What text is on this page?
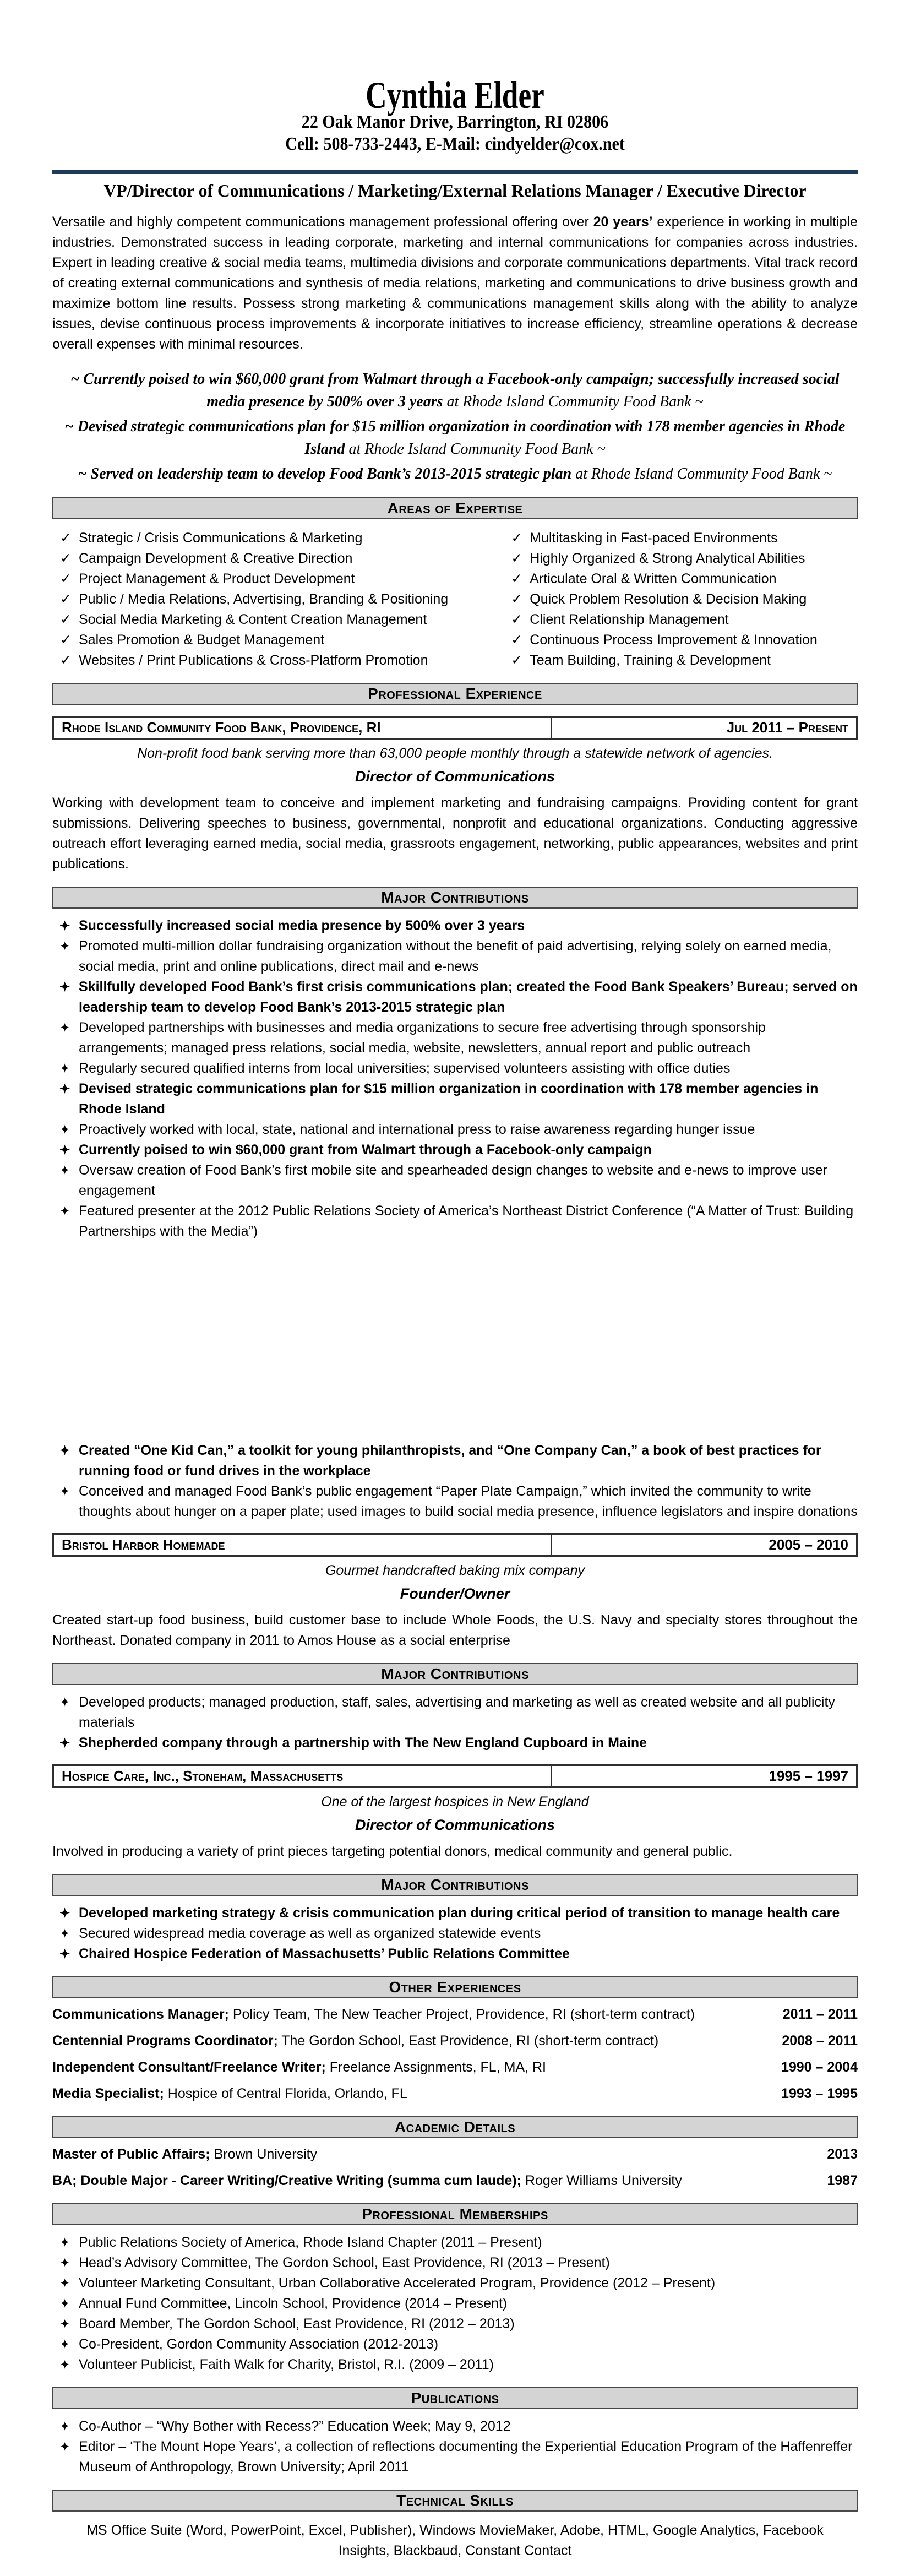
Cynthia Elder
22 Oak Manor Drive, Barrington, RI 02806
Cell: 508-733-2443, E-Mail: cindyelder@cox.net
VP/Director of Communications / Marketing/External Relations Manager / Executive Director
Versatile and highly competent communications management professional offering over 20 years’ experience in working in multiple industries. Demonstrated success in leading corporate, marketing and internal communications for companies across industries. Expert in leading creative & social media teams, multimedia divisions and corporate communications departments. Vital track record of creating external communications and synthesis of media relations, marketing and communications to drive business growth and maximize bottom line results. Possess strong marketing & communications management skills along with the ability to analyze issues, devise continuous process improvements & incorporate initiatives to increase efficiency, streamline operations & decrease overall expenses with minimal resources.
~ Currently poised to win $60,000 grant from Walmart through a Facebook-only campaign; successfully increased social media presence by 500% over 3 years at Rhode Island Community Food Bank ~
~ Devised strategic communications plan for $15 million organization in coordination with 178 member agencies in Rhode Island at Rhode Island Community Food Bank ~
~ Served on leadership team to develop Food Bank’s 2013-2015 strategic plan at Rhode Island Community Food Bank ~
Areas of Expertise
✓ Strategic / Crisis Communications & Marketing	✓ Multitasking in Fast-paced Environments
✓ Campaign Development & Creative Direction	✓ Highly Organized & Strong Analytical Abilities
✓ Project Management & Product Development	✓ Articulate Oral & Written Communication
✓ Public / Media Relations, Advertising, Branding & Positioning	✓ Quick Problem Resolution & Decision Making
✓ Social Media Marketing & Content Creation Management	✓ Client Relationship Management
✓ Sales Promotion & Budget Management	✓ Continuous Process Improvement & Innovation
✓ Websites / Print Publications & Cross-Platform Promotion	✓ Team Building, Training & Development
Professional Experience
Rhode Island Community Food Bank, Providence, RI	Jul 2011 – Present
Non-profit food bank serving more than 63,000 people monthly through a statewide network of agencies.
Director of Communications
Working with development team to conceive and implement marketing and fundraising campaigns. Providing content for grant submissions. Delivering speeches to business, governmental, nonprofit and educational organizations. Conducting aggressive outreach effort leveraging earned media, social media, grassroots engagement, networking, public appearances, websites and print publications.
Major Contributions
✦ Successfully increased social media presence by 500% over 3 years
✦ Promoted multi-million dollar fundraising organization without the benefit of paid advertising, relying solely on earned media, social media, print and online publications, direct mail and e-news
✦ Skillfully developed Food Bank’s first crisis communications plan; created the Food Bank Speakers’ Bureau; served on leadership team to develop Food Bank’s 2013-2015 strategic plan
✦ Developed partnerships with businesses and media organizations to secure free advertising through sponsorship arrangements; managed press relations, social media, website, newsletters, annual report and public outreach
✦ Regularly secured qualified interns from local universities; supervised volunteers assisting with office duties
✦ Devised strategic communications plan for $15 million organization in coordination with 178 member agencies in Rhode Island
✦ Proactively worked with local, state, national and international press to raise awareness regarding hunger issue
✦ Currently poised to win $60,000 grant from Walmart through a Facebook-only campaign
✦ Oversaw creation of Food Bank’s first mobile site and spearheaded design changes to website and e-news to improve user engagement
✦ Featured presenter at the 2012 Public Relations Society of America’s Northeast District Conference (“A Matter of Trust: Building Partnerships with the Media”)
✦ Created “One Kid Can,” a toolkit for young philanthropists, and “One Company Can,” a book of best practices for running food or fund drives in the workplace
✦ Conceived and managed Food Bank’s public engagement “Paper Plate Campaign,” which invited the community to write thoughts about hunger on a paper plate; used images to build social media presence, influence legislators and inspire donations
Bristol Harbor Homemade	2005 – 2010
Gourmet handcrafted baking mix company
Founder/Owner
Created start-up food business, build customer base to include Whole Foods, the U.S. Navy and specialty stores throughout the Northeast. Donated company in 2011 to Amos House as a social enterprise
Major Contributions
✦ Developed products; managed production, staff, sales, advertising and marketing as well as created website and all publicity materials
✦ Shepherded company through a partnership with The New England Cupboard in Maine
Hospice Care, Inc., Stoneham, Massachusetts	1995 – 1997
One of the largest hospices in New England
Director of Communications
Involved in producing a variety of print pieces targeting potential donors, medical community and general public.
Major Contributions
✦ Developed marketing strategy & crisis communication plan during critical period of transition to manage health care
✦ Secured widespread media coverage as well as organized statewide events
✦ Chaired Hospice Federation of Massachusetts’ Public Relations Committee
Other Experiences
Communications Manager; Policy Team, The New Teacher Project, Providence, RI (short-term contract)	2011 – 2011
Centennial Programs Coordinator; The Gordon School, East Providence, RI (short-term contract)	2008 – 2011
Independent Consultant/Freelance Writer; Freelance Assignments, FL, MA, RI	1990 – 2004
Media Specialist; Hospice of Central Florida, Orlando, FL	1993 – 1995
Academic Details
Master of Public Affairs; Brown University	2013
BA; Double Major - Career Writing/Creative Writing (summa cum laude); Roger Williams University	1987
Professional Memberships
✦ Public Relations Society of America, Rhode Island Chapter (2011 – Present)
✦ Head’s Advisory Committee, The Gordon School, East Providence, RI (2013 – Present)
✦ Volunteer Marketing Consultant, Urban Collaborative Accelerated Program, Providence (2012 – Present)
✦ Annual Fund Committee, Lincoln School, Providence (2014 – Present)
✦ Board Member, The Gordon School, East Providence, RI (2012 – 2013)
✦ Co-President, Gordon Community Association (2012-2013)
✦ Volunteer Publicist, Faith Walk for Charity, Bristol, R.I. (2009 – 2011)
Publications
✦ Co-Author – “Why Bother with Recess?” Education Week; May 9, 2012
✦ Editor – ‘The Mount Hope Years’, a collection of reflections documenting the Experiential Education Program of the Haffenreffer Museum of Anthropology, Brown University; April 2011
Technical Skills
MS Office Suite (Word, PowerPoint, Excel, Publisher), Windows MovieMaker, Adobe, HTML, Google Analytics, Facebook Insights, Blackbaud, Constant Contact
